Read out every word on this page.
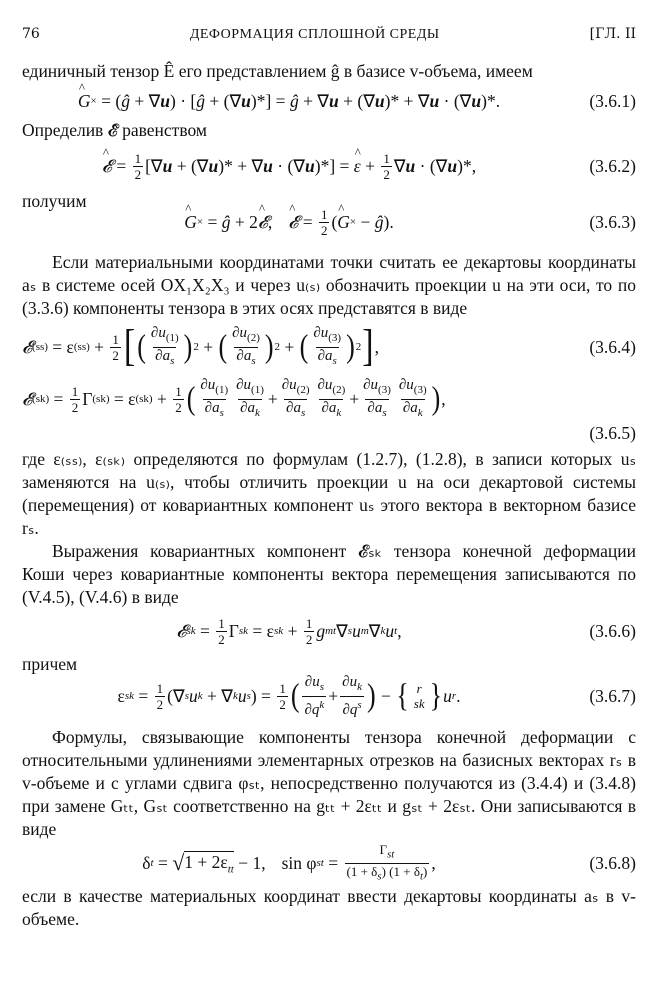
76	ДЕФОРМАЦИЯ СПЛОШНОЙ СРЕДЫ	[ГЛ. II

единичный тензор Ê его представлением ĝ в базисе v-объема, имеем

^ G × = ( ĝ + ∇ u ) · [ ĝ + (∇ u )*] = ĝ + ∇ u + (∇ u )* + ∇ u · (∇ u )*.	(3.6.1)

Определив 𝓔̂ равенством

^ 𝓔 = $\frac{1}{2}$ [∇ u + (∇ u )* + ∇ u · (∇ u )*] = ^ $\varepsilon + \frac{1}{2}$ ∇ u · (∇ u )*,	(3.6.2)

получим

^ G × = ĝ + 2 ^ 𝓔 , ^ 𝓔 = $\frac{1}{2}$ ( ^ G × − ĝ ).	(3.6.3)

Если материальными координатами точки считать ее декартовы координаты aₛ в системе осей OX₁X₂X₃ и через u₍ₛ₎ обозначить проекции u на эти оси, то по (3.3.6) компоненты тензора в этих осях представятся в виде

𝓔 (ss) = ε $(ss) + \frac{1}{2}$ [ ( $\frac{\partial u_{(1)}}{\partial a_s}$ ) 2 + ( $\frac{\partial u_{(2)}}{\partial a_s}$ ) 2 + ( $\frac{\partial u_{(3)}}{\partial a_s}$ ) 2 ] ,	(3.6.4)
𝓔 $(sk) = \frac{1}{2}$ Γ (sk) = ε $(sk) + \frac{1}{2}$ ( $\frac{\partial u_{(1)}}{\partial a_s} \frac{\partial u_{(1)}}{\partial a_k} + \frac{\partial u_{(2)}}{\partial a_s} \frac{\partial u_{(2)}}{\partial a_k} + \frac{\partial u_{(3)}}{\partial a_s} \frac{\partial u_{(3)}}{\partial a_k}$ ) ,
(3.6.5)

где ε₍ₛₛ₎, ε₍ₛₖ₎ определяются по формулам (1.2.7), (1.2.8), в записи которых uₛ заменяются на u₍ₛ₎, чтобы отличить проекции u на оси декартовой системы (перемещения) от ковариантных компонент uₛ этого вектора в векторном базисе rₛ.

Выражения ковариантных компонент 𝓔ₛₖ тензора конечной деформации Коши через ковариантные компоненты вектора перемещения записываются по (V.4.5), (V.4.6) в виде

𝓔 sk = $\frac{1}{2}$ Γ sk = ε sk + $\frac{1}{2}$ g mt ∇ s u m ∇ k u t ,	(3.6.6)

причем

ε sk = $\frac{1}{2}$ (∇ s u k + ∇ k u s ) = $\frac{1}{2}$ ( $\frac{\partial u_s}{\partial q^k} + \frac{\partial u_k}{\partial q^s}$ ) − { r
sk } u r .	(3.6.7)

Формулы, связывающие компоненты тензора конечной деформации с относительными удлинениями элементарных отрезков на базисных векторах rₛ в v-объеме и с углами сдвига φₛₜ, непосредственно получаются из (3.4.4) и (3.4.8) при замене Gₜₜ, Gₛₜ соответственно на gₜₜ + 2εₜₜ и gₛₜ + 2εₛₜ. Они записываются в виде

δ t = √ $1 + 2\varepsilon_{tt} - 1$, sin φ st = $\frac{\Gamma_{st}}{(1 + \delta_s) (1 + \delta_t)}$ ,	(3.6.8)

если в качестве материальных координат ввести декартовы координаты aₛ в v-объеме.
